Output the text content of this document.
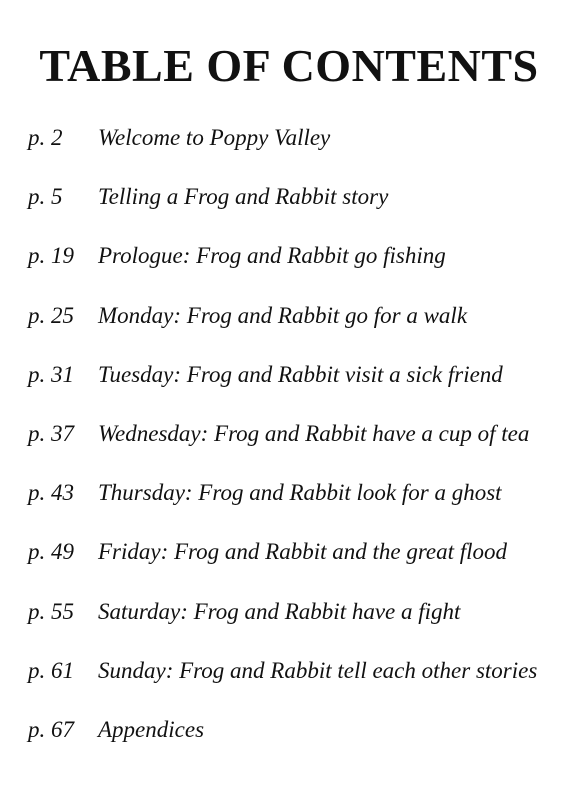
TABLE OF CONTENTS
p. 2	Welcome to Poppy Valley
p. 5	Telling a Frog and Rabbit story
p. 19	Prologue: Frog and Rabbit go fishing
p. 25	Monday: Frog and Rabbit go for a walk
p. 31	Tuesday: Frog and Rabbit visit a sick friend
p. 37	Wednesday: Frog and Rabbit have a cup of tea
p. 43	Thursday: Frog and Rabbit look for a ghost
p. 49	Friday: Frog and Rabbit and the great flood
p. 55	Saturday: Frog and Rabbit have a fight
p. 61	Sunday: Frog and Rabbit tell each other stories
p. 67	Appendices
